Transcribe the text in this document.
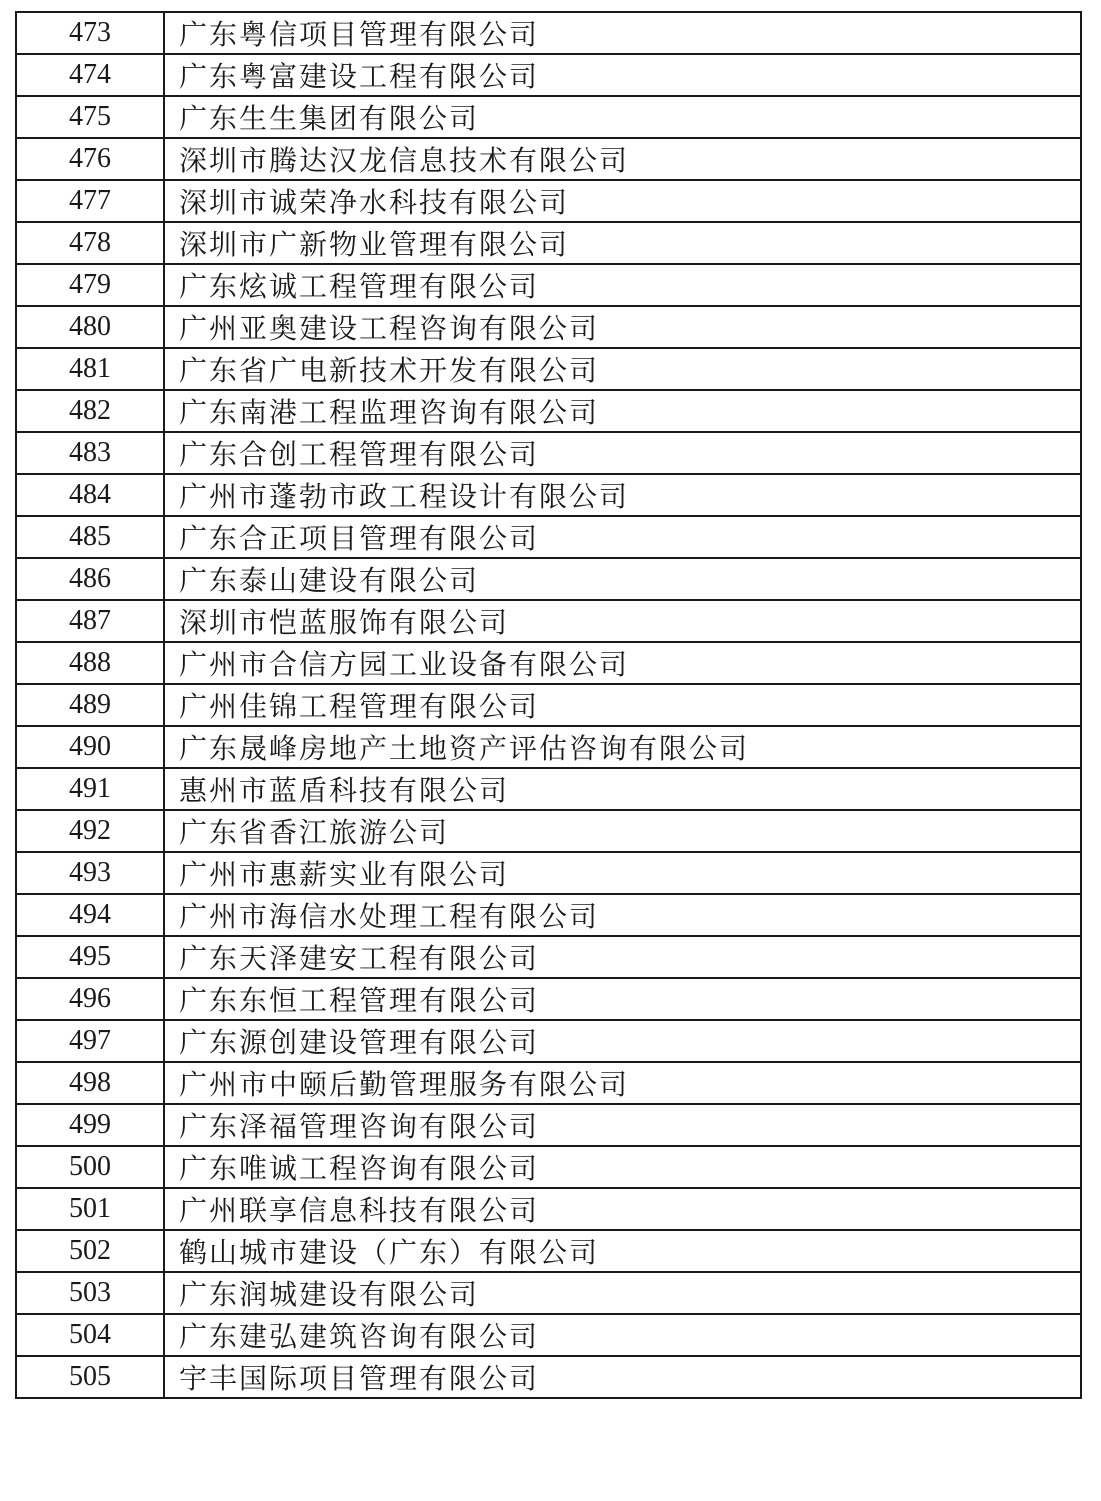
473	广东粤信项目管理有限公司
474	广东粤富建设工程有限公司
475	广东生生集团有限公司
476	深圳市腾达汉龙信息技术有限公司
477	深圳市诚荣净水科技有限公司
478	深圳市广新物业管理有限公司
479	广东炫诚工程管理有限公司
480	广州亚奥建设工程咨询有限公司
481	广东省广电新技术开发有限公司
482	广东南港工程监理咨询有限公司
483	广东合创工程管理有限公司
484	广州市蓬勃市政工程设计有限公司
485	广东合正项目管理有限公司
486	广东泰山建设有限公司
487	深圳市恺蓝服饰有限公司
488	广州市合信方园工业设备有限公司
489	广州佳锦工程管理有限公司
490	广东晟峰房地产土地资产评估咨询有限公司
491	惠州市蓝盾科技有限公司
492	广东省香江旅游公司
493	广州市惠薪实业有限公司
494	广州市海信水处理工程有限公司
495	广东天泽建安工程有限公司
496	广东东恒工程管理有限公司
497	广东源创建设管理有限公司
498	广州市中颐后勤管理服务有限公司
499	广东泽福管理咨询有限公司
500	广东唯诚工程咨询有限公司
501	广州联享信息科技有限公司
502	鹤山城市建设（广东）有限公司
503	广东润城建设有限公司
504	广东建弘建筑咨询有限公司
505	宇丰国际项目管理有限公司
